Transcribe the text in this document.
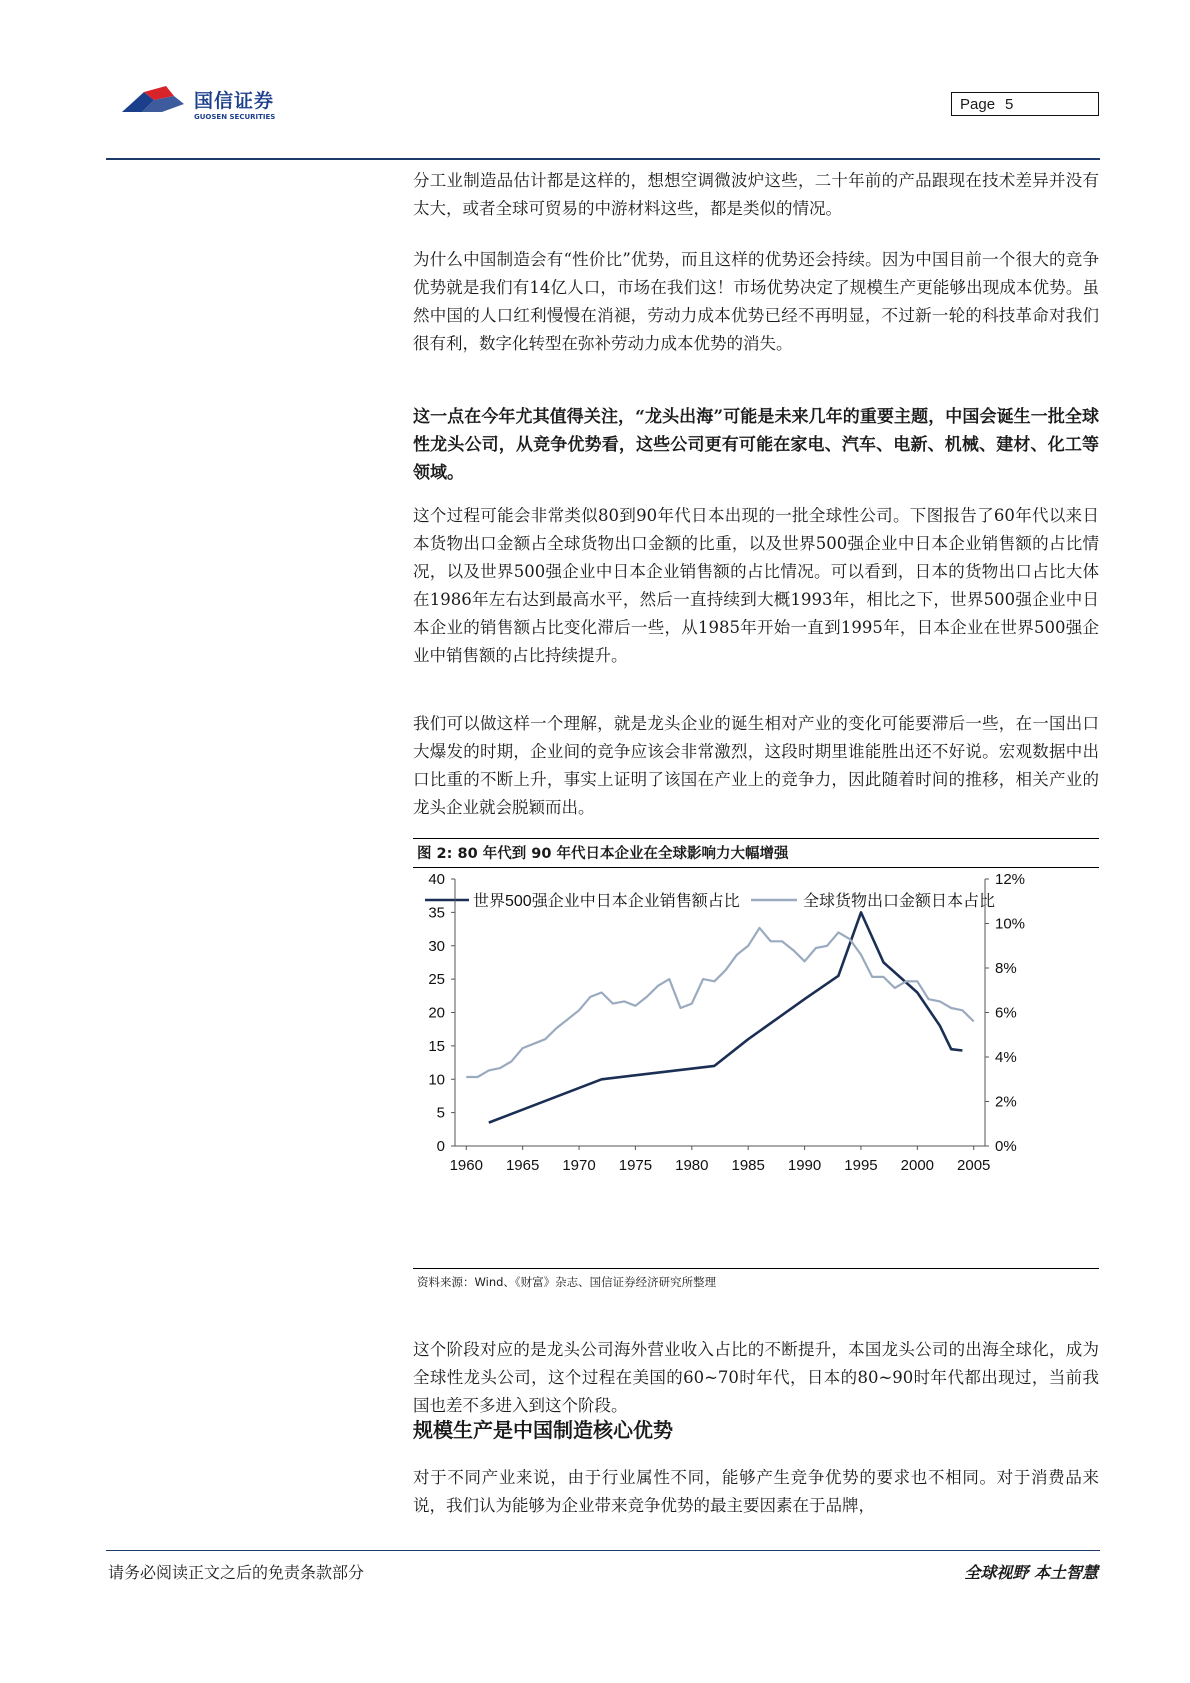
国信证券
GUOSEN SECURITIES
Page 5

分工业制造品估计都是这样的，想想空调微波炉这些，二十年前的产品跟现在技术差异并没有太大，或者全球可贸易的中游材料这些，都是类似的情况。

为什么中国制造会有“性价比”优势，而且这样的优势还会持续。因为中国目前一个很大的竞争优势就是我们有14亿人口，市场在我们这！市场优势决定了规模生产更能够出现成本优势。虽然中国的人口红利慢慢在消褪，劳动力成本优势已经不再明显，不过新一轮的科技革命对我们很有利，数字化转型在弥补劳动力成本优势的消失。

这一点在今年尤其值得关注，“龙头出海”可能是未来几年的重要主题，中国会诞生一批全球性龙头公司，从竞争优势看，这些公司更有可能在家电、汽车、电新、机械、建材、化工等领域。

这个过程可能会非常类似80到90年代日本出现的一批全球性公司。下图报告了60年代以来日本货物出口金额占全球货物出口金额的比重，以及世界500强企业中日本企业销售额的占比情况，以及世界500强企业中日本企业销售额的占比情况。可以看到，日本的货物出口占比大体在1986年左右达到最高水平，然后一直持续到大概1993年，相比之下，世界500强企业中日本企业的销售额占比变化滞后一些，从1985年开始一直到1995年，日本企业在世界500强企业中销售额的占比持续提升。

我们可以做这样一个理解，就是龙头企业的诞生相对产业的变化可能要滞后一些，在一国出口大爆发的时期，企业间的竞争应该会非常激烈，这段时期里谁能胜出还不好说。宏观数据中出口比重的不断上升，事实上证明了该国在产业上的竞争力，因此随着时间的推移，相关产业的龙头企业就会脱颖而出。

图 2: 80 年代到 90 年代日本企业在全球影响力大幅增强
世界500强企业中日本企业销售额占比	全球货物出口金额日本占比
0
5
10
15
20
25
30
35
40
0%
2%
4%
6%
8%
10%
12%
1960 1965 1970 1975 1980 1985 1990 1995 2000 2005
资料来源：Wind、《财富》杂志、国信证券经济研究所整理

这个阶段对应的是龙头公司海外营业收入占比的不断提升，本国龙头公司的出海全球化，成为全球性龙头公司，这个过程在美国的60~70时年代，日本的80~90时年代都出现过，当前我国也差不多进入到这个阶段。

规模生产是中国制造核心优势

对于不同产业来说，由于行业属性不同，能够产生竞争优势的要求也不相同。对于消费品来说，我们认为能够为企业带来竞争优势的最主要因素在于品牌，

请务必阅读正文之后的免责条款部分	全球视野 本土智慧
